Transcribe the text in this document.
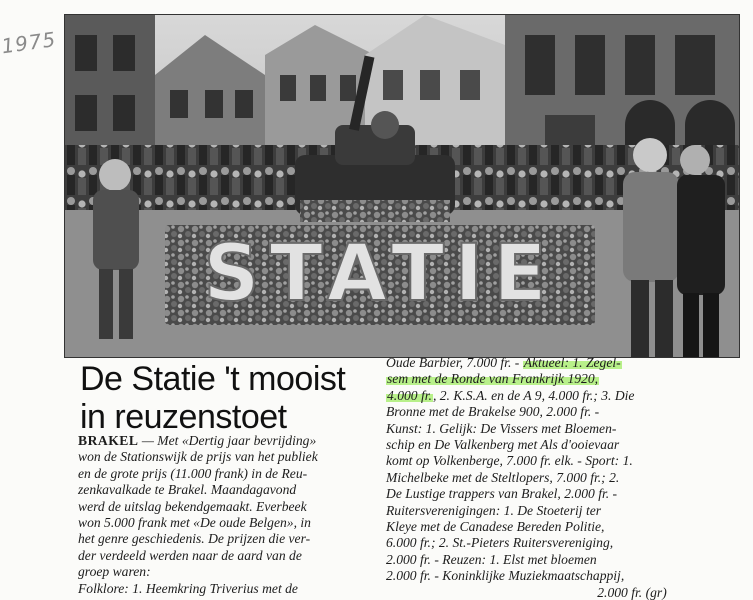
1975
STATIE
De Statie 't mooist
in reuzenstoet
BRAKEL — Met «Dertig jaar bevrijding»
won de Stationswijk de prijs van het publiek
en de grote prijs (11.000 frank) in de Reu-
zenkavalkade te Brakel. Maandagavond
werd de uitslag bekendgemaakt. Everbeek
won 5.000 frank met «De oude Belgen», in
het genre geschiedenis. De prijzen die ver-
der verdeeld werden naar de aard van de
groep waren:
Folklore: 1. Heemkring Triverius met de
Oude Barbier, 7.000 fr. - Aktueel: 1. Zegel-
sem met de Ronde van Frankrijk 1920,
4.000 fr., 2. K.S.A. en de A 9, 4.000 fr.; 3. Die
Bronne met de Brakelse 900, 2.000 fr. -
Kunst: 1. Gelijk: De Vissers met Bloemen-
schip en De Valkenberg met Als d'ooievaar
komt op Volkenberge, 7.000 fr. elk. - Sport: 1.
Michelbeke met de Steltlopers, 7.000 fr.; 2.
De Lustige trappers van Brakel, 2.000 fr. -
Ruitersverenigingen: 1. De Stoeterij ter
Kleye met de Canadese Bereden Politie,
6.000 fr.; 2. St.-Pieters Ruitersvereniging,
2.000 fr. - Reuzen: 1. Elst met bloemen
2.000 fr. - Koninklijke Muziekmaatschappij,
2.000 fr. (gr)
